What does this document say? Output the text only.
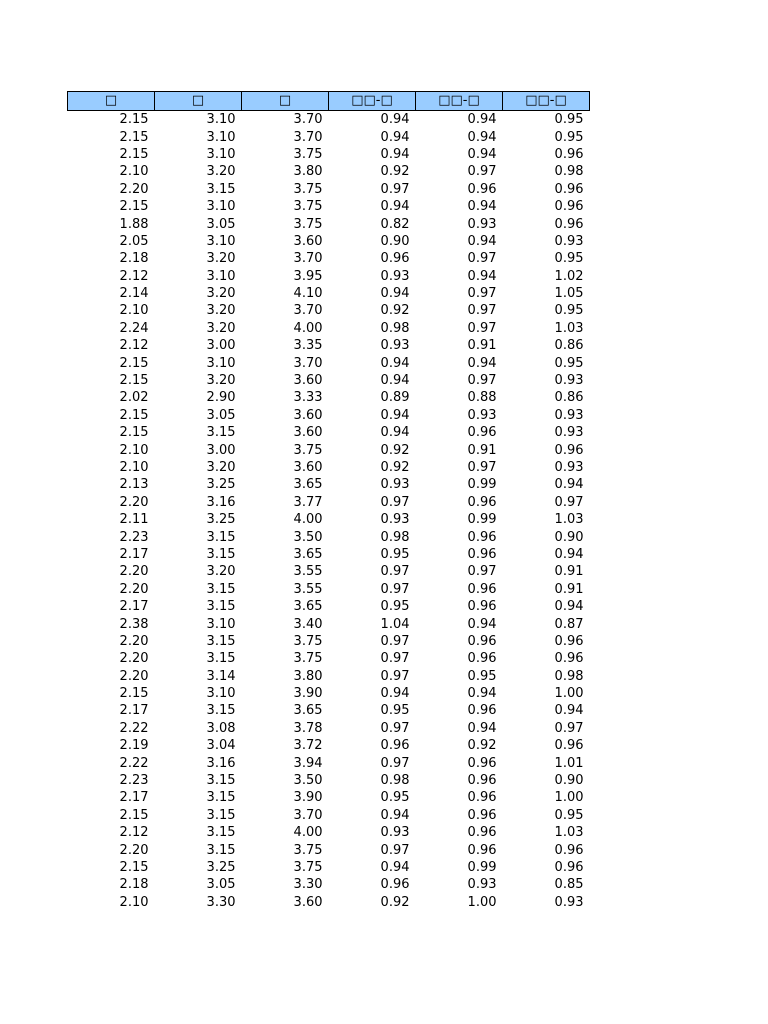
□	□	□	□□-□	□□-□	□□-□
2.15	3.10	3.70	0.94	0.94	0.95
2.15	3.10	3.70	0.94	0.94	0.95
2.15	3.10	3.75	0.94	0.94	0.96
2.10	3.20	3.80	0.92	0.97	0.98
2.20	3.15	3.75	0.97	0.96	0.96
2.15	3.10	3.75	0.94	0.94	0.96
1.88	3.05	3.75	0.82	0.93	0.96
2.05	3.10	3.60	0.90	0.94	0.93
2.18	3.20	3.70	0.96	0.97	0.95
2.12	3.10	3.95	0.93	0.94	1.02
2.14	3.20	4.10	0.94	0.97	1.05
2.10	3.20	3.70	0.92	0.97	0.95
2.24	3.20	4.00	0.98	0.97	1.03
2.12	3.00	3.35	0.93	0.91	0.86
2.15	3.10	3.70	0.94	0.94	0.95
2.15	3.20	3.60	0.94	0.97	0.93
2.02	2.90	3.33	0.89	0.88	0.86
2.15	3.05	3.60	0.94	0.93	0.93
2.15	3.15	3.60	0.94	0.96	0.93
2.10	3.00	3.75	0.92	0.91	0.96
2.10	3.20	3.60	0.92	0.97	0.93
2.13	3.25	3.65	0.93	0.99	0.94
2.20	3.16	3.77	0.97	0.96	0.97
2.11	3.25	4.00	0.93	0.99	1.03
2.23	3.15	3.50	0.98	0.96	0.90
2.17	3.15	3.65	0.95	0.96	0.94
2.20	3.20	3.55	0.97	0.97	0.91
2.20	3.15	3.55	0.97	0.96	0.91
2.17	3.15	3.65	0.95	0.96	0.94
2.38	3.10	3.40	1.04	0.94	0.87
2.20	3.15	3.75	0.97	0.96	0.96
2.20	3.15	3.75	0.97	0.96	0.96
2.20	3.14	3.80	0.97	0.95	0.98
2.15	3.10	3.90	0.94	0.94	1.00
2.17	3.15	3.65	0.95	0.96	0.94
2.22	3.08	3.78	0.97	0.94	0.97
2.19	3.04	3.72	0.96	0.92	0.96
2.22	3.16	3.94	0.97	0.96	1.01
2.23	3.15	3.50	0.98	0.96	0.90
2.17	3.15	3.90	0.95	0.96	1.00
2.15	3.15	3.70	0.94	0.96	0.95
2.12	3.15	4.00	0.93	0.96	1.03
2.20	3.15	3.75	0.97	0.96	0.96
2.15	3.25	3.75	0.94	0.99	0.96
2.18	3.05	3.30	0.96	0.93	0.85
2.10	3.30	3.60	0.92	1.00	0.93
